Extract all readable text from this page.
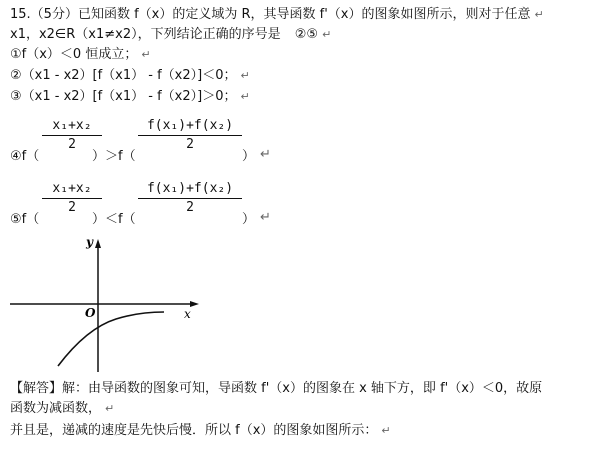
15.（5分）已知函数 f（x）的定义域为 R，其导函数 f'（x）的图象如图所示，则对于任意 ↵
x1，x2∈R（x1≠x2），下列结论正确的序号是 ②⑤ ↵
①f（x）＜0 恒成立； ↵
②（x1 - x2）[f（x1） - f（x2）]＜0； ↵
③（x1 - x2）[f（x1） - f（x2）]＞0； ↵
④f（
x₁+x₂
2
）＞f（
f(x₁)+f(x₂)
2
） ↵
⑤f（
x₁+x₂
2
）＜f（
f(x₁)+f(x₂)
2
） ↵
y
x
O
【解答】解：由导函数的图象可知，导函数 f'（x）的图象在 x 轴下方，即 f'（x）＜0，故原
函数为减函数， ↵
并且是，递减的速度是先快后慢．所以 f（x）的图象如图所示： ↵
